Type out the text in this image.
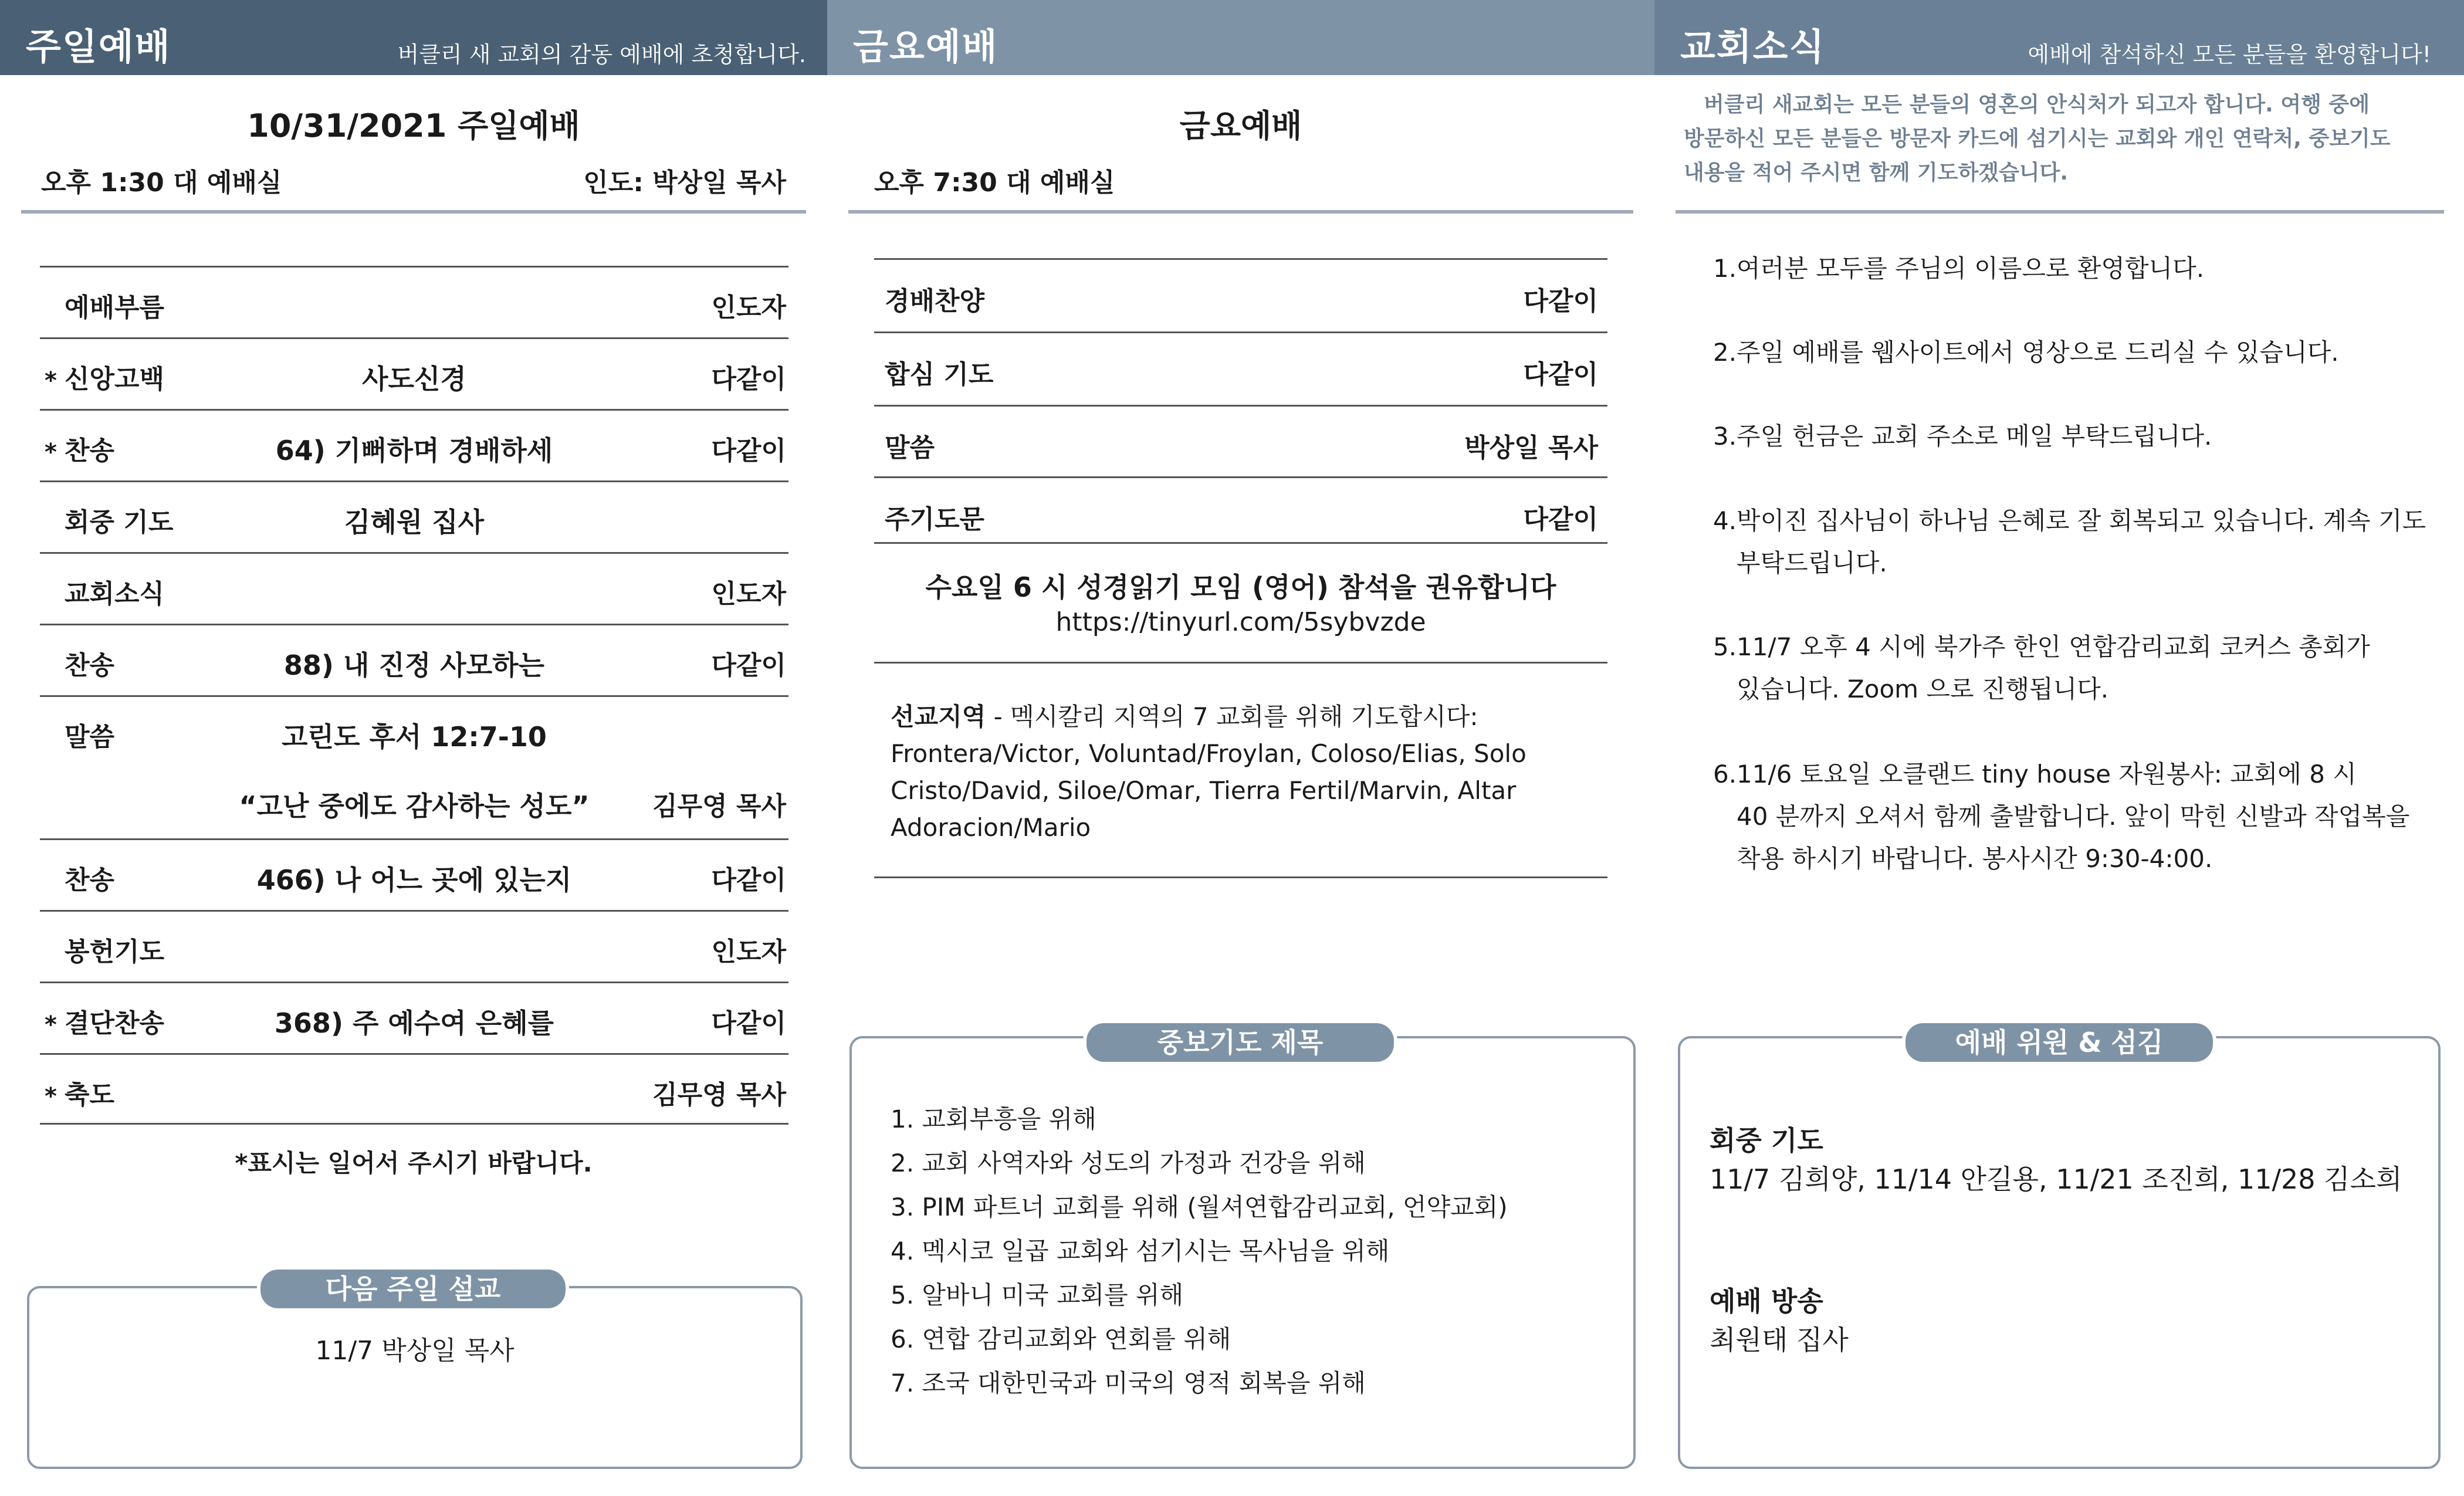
주일예배	버클리 새 교회의 감동 예배에 초청합니다.
10/31/2021 주일예배
오후 1:30 대 예배실	인도: 박상일 목사
예배부름	인도자
* 신앙고백	사도신경	다같이
* 찬송	64) 기뻐하며 경배하세	다같이
회중 기도	김혜원 집사
교회소식	인도자
찬송	88) 내 진정 사모하는	다같이
말씀	고린도 후서 12:7-10
“고난 중에도 감사하는 성도”	김무영 목사
찬송	466) 나 어느 곳에 있는지	다같이
봉헌기도	인도자
* 결단찬송	368) 주 예수여 은혜를	다같이
* 축도	김무영 목사
*표시는 일어서 주시기 바랍니다.
11/7 박상일 목사
다음 주일 설교
금요예배
금요예배
오후 7:30 대 예배실
경배찬양	다같이
합심 기도	다같이
말씀	박상일 목사
주기도문	다같이
수요일 6 시 성경읽기 모임 (영어) 참석을 권유합니다
https://tinyurl.com/5sybvzde
선교지역 - 멕시칼리 지역의 7 교회를 위해 기도합시다:
Frontera/Victor, Voluntad/Froylan, Coloso/Elias, Solo
Cristo/David, Siloe/Omar, Tierra Fertil/Marvin, Altar
Adoracion/Mario
중보기도 제목
1. 교회부흥을 위해
2. 교회 사역자와 성도의 가정과 건강을 위해
3. PIM 파트너 교회를 위해 (월셔연합감리교회, 언약교회)
4. 멕시코 일곱 교회와 섬기시는 목사님을 위해
5. 알바니 미국 교회를 위해
6. 연합 감리교회와 연회를 위해
7. 조국 대한민국과 미국의 영적 회복을 위해
교회소식	예배에 참석하신 모든 분들을 환영합니다!
버클리 새교회는 모든 분들의 영혼의 안식처가 되고자 합니다. 여행 중에
방문하신 모든 분들은 방문자 카드에 섬기시는 교회와 개인 연락처, 중보기도
내용을 적어 주시면 함께 기도하겠습니다.
1. 여러분 모두를 주님의 이름으로 환영합니다.
2. 주일 예배를 웹사이트에서 영상으로 드리실 수 있습니다.
3. 주일 헌금은 교회 주소로 메일 부탁드립니다.
4. 박이진 집사님이 하나님 은혜로 잘 회복되고 있습니다. 계속 기도
부탁드립니다.
5. 11/7 오후 4 시에 북가주 한인 연합감리교회 코커스 총회가
있습니다. Zoom 으로 진행됩니다.
6. 11/6 토요일 오클랜드 tiny house 자원봉사: 교회에 8 시
40 분까지 오셔서 함께 출발합니다. 앞이 막힌 신발과 작업복을
착용 하시기 바랍니다. 봉사시간 9:30-4:00.
회중 기도
11/7 김희양, 11/14 안길용, 11/21 조진희, 11/28 김소희
예배 방송
최원태 집사
예배 위원 & 섬김
